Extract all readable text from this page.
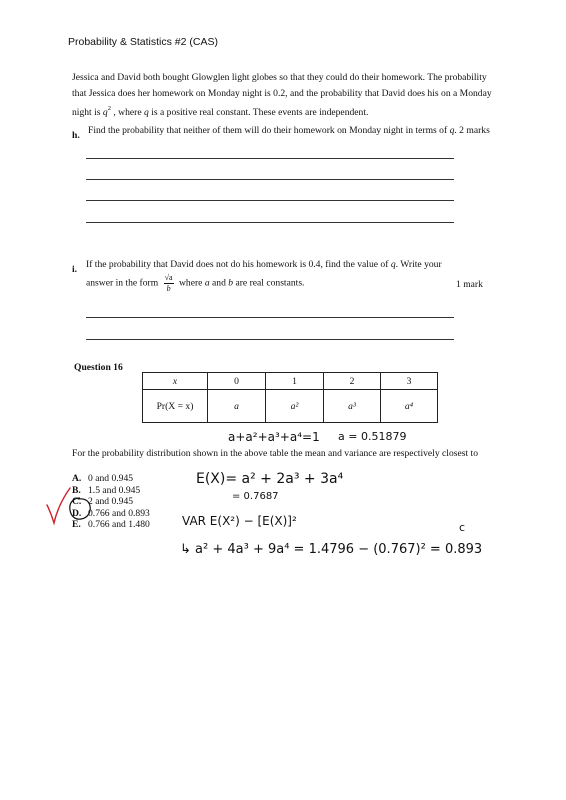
Probability & Statistics #2 (CAS)
Jessica and David both bought Glowglen light globes so that they could do their homework. The probability
that Jessica does her homework on Monday night is 0.2, and the probability that David does his on a Monday
night is $q^2$ , where q is a positive real constant. These events are independent.
h. Find the probability that neither of them will do their homework on Monday night in terms of q. 2 marks
i. If the probability that David does not do his homework is 0.4, find the value of q. Write your
answer in the form $\frac{√a}{b}$ where a and b are real constants.	1 mark
Question 16
x	0	1	2	3
Pr(X = x)	a	a²	a³	a⁴
For the probability distribution shown in the above table the mean and variance are respectively closest to
A. 0 and 0.945
B. 1.5 and 0.945
C. 2 and 0.945
D. 0.766 and 0.893
E. 0.766 and 1.480
a+a²+a³+a⁴=1 a = 0.51879
E(X)= a² + 2a³ + 3a⁴
= 0.7687
VAR E(X²) − [E(X)]²
↳ a² + 4a³ + 9a⁴ = 1.4796 − (0.767)² = 0.893
c
